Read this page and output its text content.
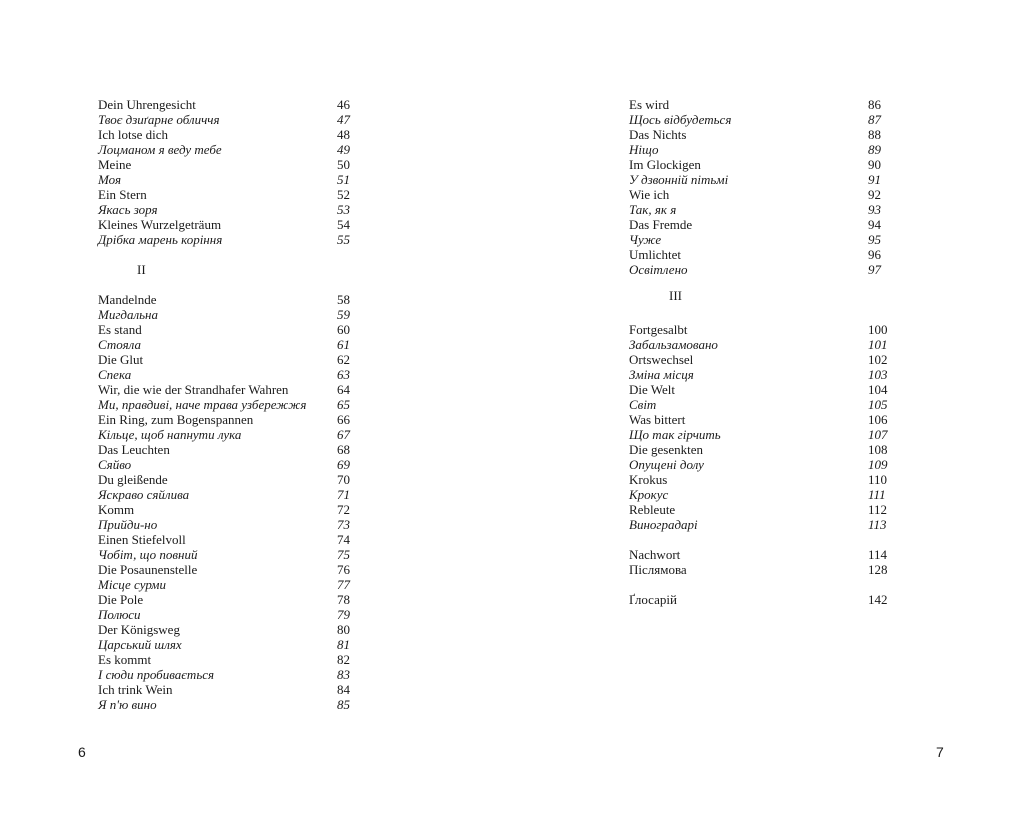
Dein Uhrengesicht	46
Твоє дзиґарне обличчя	47
Ich lotse dich	48
Лоцманом я веду тебе	49
Meine	50
Моя	51
Ein Stern	52
Якась зоря	53
Kleines Wurzelgeträum	54
Дрібка марень коріння	55
II
Mandelnde	58
Мигдальна	59
Es stand	60
Стояла	61
Die Glut	62
Спека	63
Wir, die wie der Strandhafer Wahren	64
Ми, правдиві, наче трава узбережжя 65
Ein Ring, zum Bogenspannen	66
Кільце, щоб напнути лука	67
Das Leuchten	68
Сяйво	69
Du gleißende	70
Яскраво сяйлива	71
Komm	72
Прийди-но	73
Einen Stiefelvoll	74
Чобіт, що повний	75
Die Posaunenstelle	76
Місце сурми	77
Die Pole	78
Полюси	79
Der Königsweg	80
Царський шлях	81
Es kommt	82
І сюди пробивається	83
Ich trink Wein	84
Я п'ю вино	85
Es wird	86
Щось відбудеться	87
Das Nichts	88
Ніщо	89
Im Glockigen	90
У дзвонній пітьмі	91
Wie ich	92
Так, як я	93
Das Fremde	94
Чуже	95
Umlichtet	96
Освітлено	97
III
Fortgesalbt	100
Забальзамовано	101
Ortswechsel	102
Зміна місця	103
Die Welt	104
Світ	105
Was bittert	106
Що так гірчить	107
Die gesenkten	108
Опущені долу	109
Krokus	110
Крокус	111
Rebleute	112
Виноградарі	113
Nachwort	114
Післямова	128
Ґлосарій	142
6	7
